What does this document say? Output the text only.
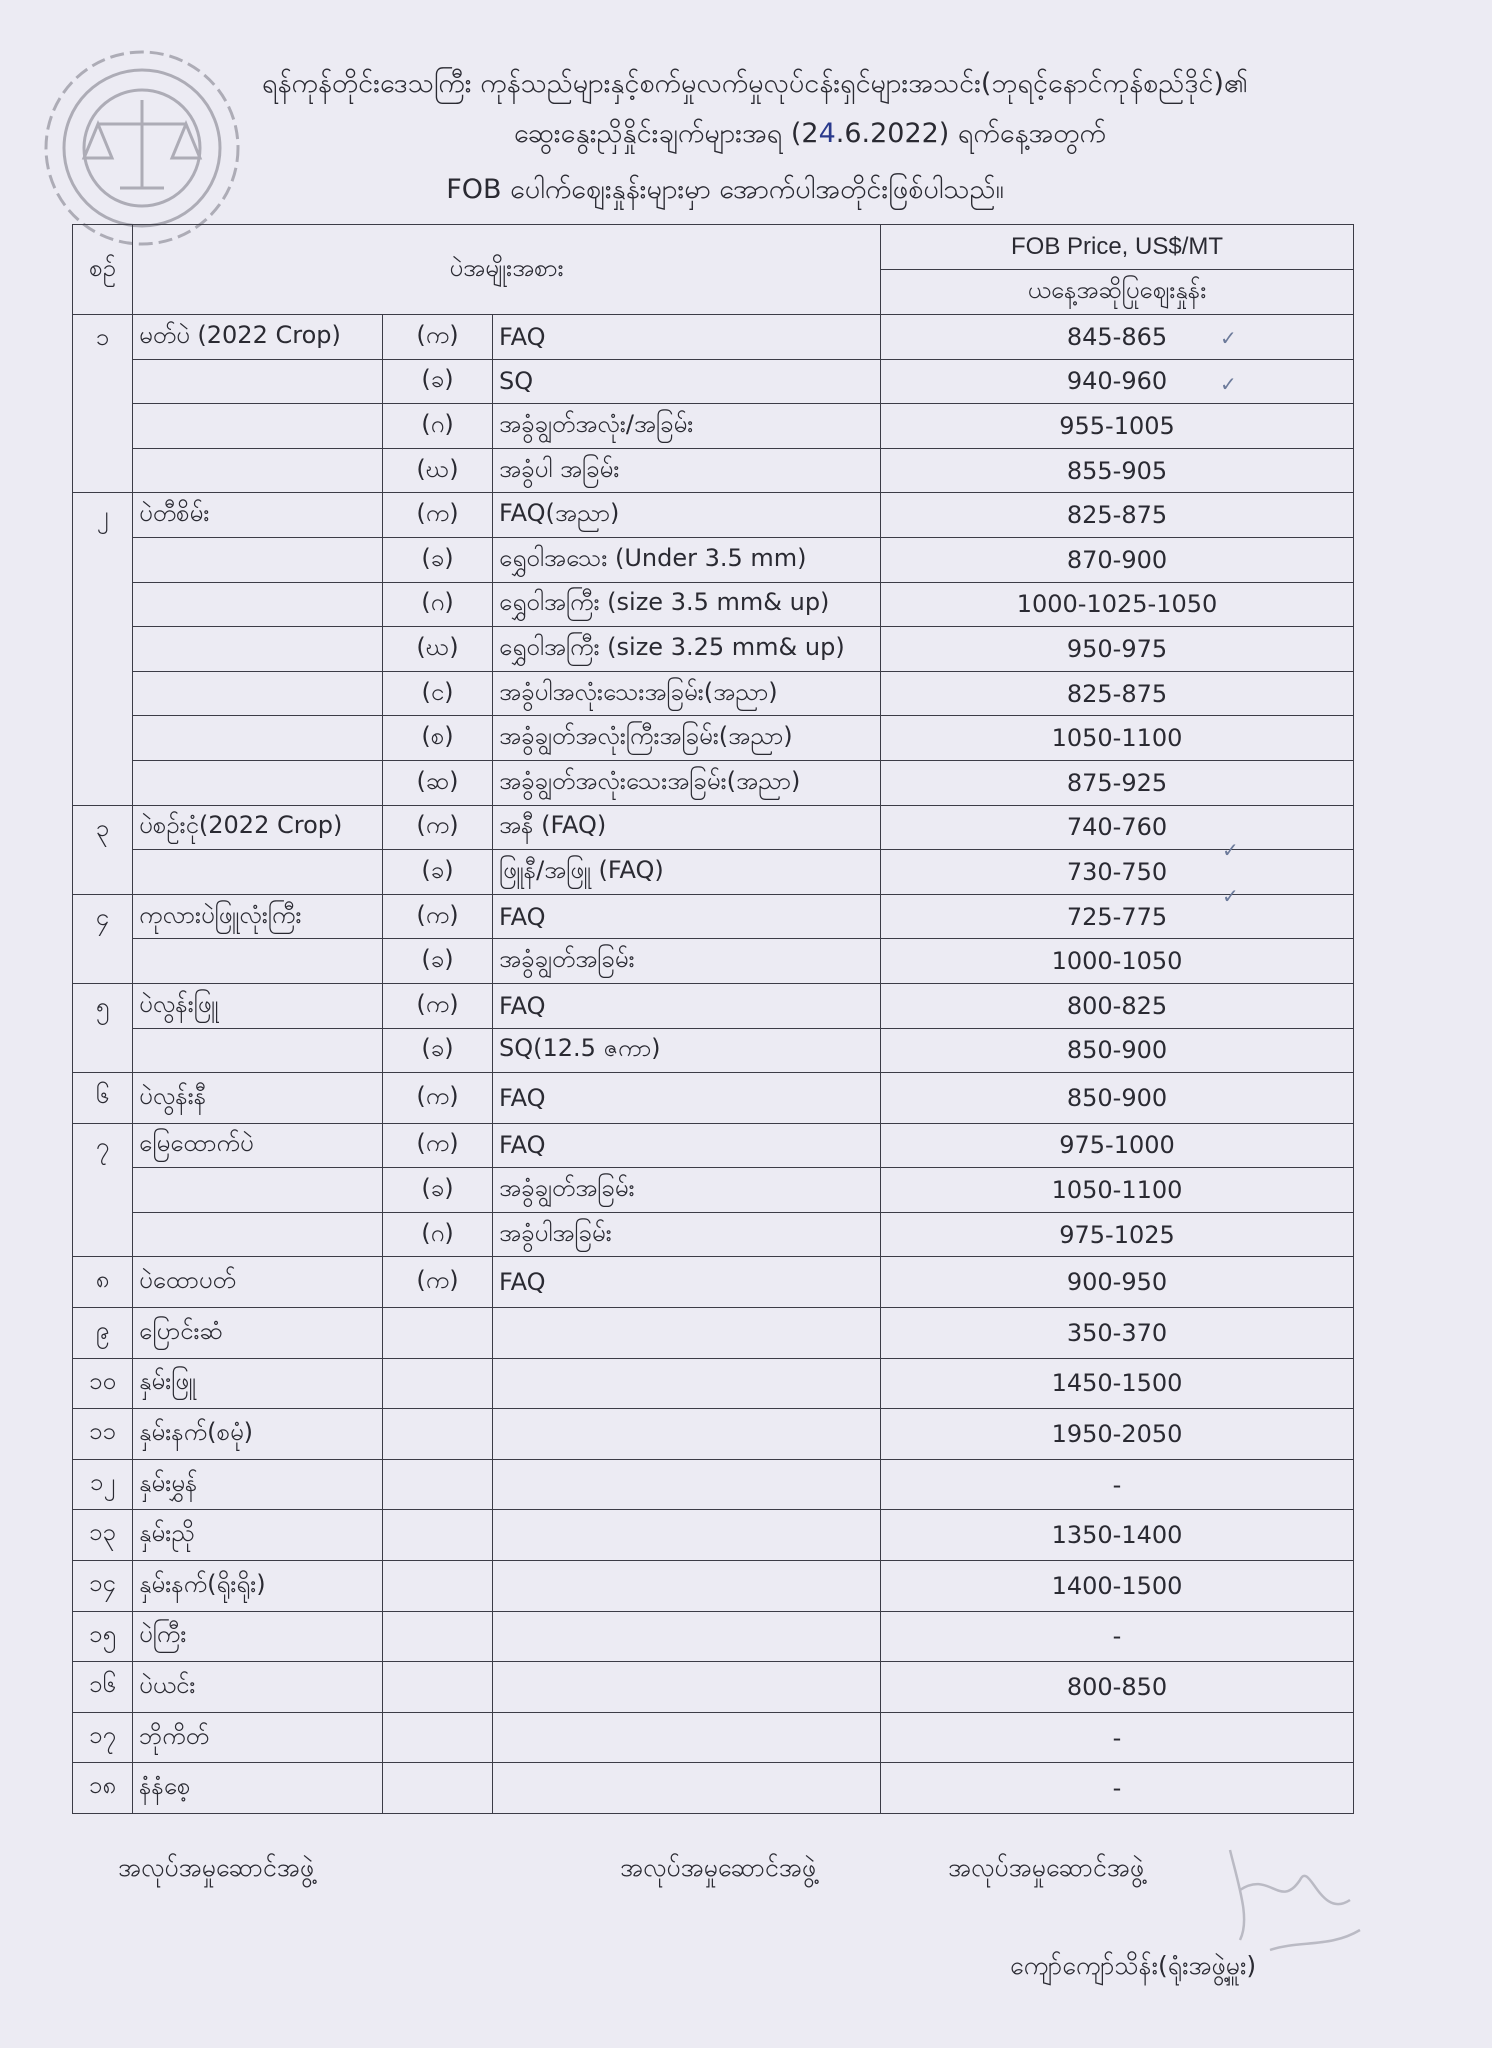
ရန်ကုန်တိုင်းဒေသကြီး ကုန်သည်များနှင့်စက်မှုလက်မှုလုပ်ငန်းရှင်များအသင်း(ဘုရင့်နောင်ကုန်စည်ဒိုင်)၏
ဆွေးနွေးညှိနှိုင်းချက်များအရ (24.6.2022) ရက်နေ့အတွက်
FOB ပေါက်ဈေးနှုန်းများမှာ အောက်ပါအတိုင်းဖြစ်ပါသည်။
စဉ်	ပဲအမျိုးအစား			FOB Price, US$/MT
				ယနေ့အဆိုပြုဈေးနှုန်း
၁	မတ်ပဲ (2022 Crop)	(က)	FAQ	845-865
		(ခ)	SQ	940-960
		(ဂ)	အခွံချွတ်အလုံး/အခြမ်း	955-1005
		(ဃ)	အခွံပါ အခြမ်း	855-905
၂	ပဲတီစိမ်း	(က)	FAQ(အညာ)	825-875
		(ခ)	ရွှေဝါအသေး (Under 3.5 mm)	870-900
		(ဂ)	ရွှေဝါအကြီး (size 3.5 mm& up)	1000-1025-1050
		(ဃ)	ရွှေဝါအကြီး (size 3.25 mm& up)	950-975
		(င)	အခွံပါအလုံးသေးအခြမ်း(အညာ)	825-875
		(စ)	အခွံချွတ်အလုံးကြီးအခြမ်း(အညာ)	1050-1100
		(ဆ)	အခွံချွတ်အလုံးသေးအခြမ်း(အညာ)	875-925
၃	ပဲစဉ်းငုံ(2022 Crop)	(က)	အနီ (FAQ)	740-760
		(ခ)	ဖြူနီ/အဖြူ (FAQ)	730-750
၄	ကုလားပဲဖြူလုံးကြီး	(က)	FAQ	725-775
		(ခ)	အခွံချွတ်အခြမ်း	1000-1050
၅	ပဲလွန်းဖြူ	(က)	FAQ	800-825
		(ခ)	SQ(12.5 ဇကာ)	850-900
၆	ပဲလွန်းနီ	(က)	FAQ	850-900
၇	မြေထောက်ပဲ	(က)	FAQ	975-1000
		(ခ)	အခွံချွတ်အခြမ်း	1050-1100
		(ဂ)	အခွံပါအခြမ်း	975-1025
၈	ပဲထောပတ်	(က)	FAQ	900-950
၉	ပြောင်းဆံ			350-370
၁၀	နှမ်းဖြူ			1450-1500
၁၁	နှမ်းနက်(စမုံ)			1950-2050
၁၂	နှမ်းမွှန်			-
၁၃	နှမ်းညို			1350-1400
၁၄	နှမ်းနက်(ရိုးရိုး)			1400-1500
၁၅	ပဲကြီး			-
၁၆	ပဲယင်း			800-850
၁၇	ဘိုကိတ်			-
၁၈	နံနံစေ့			-
✓
✓
✓
✓
အလုပ်အမှုဆောင်အဖွဲ့	အလုပ်အမှုဆောင်အဖွဲ့	အလုပ်အမှုဆောင်အဖွဲ့
ကျော်ကျော်သိန်း(ရုံးအဖွဲ့မှူး)
